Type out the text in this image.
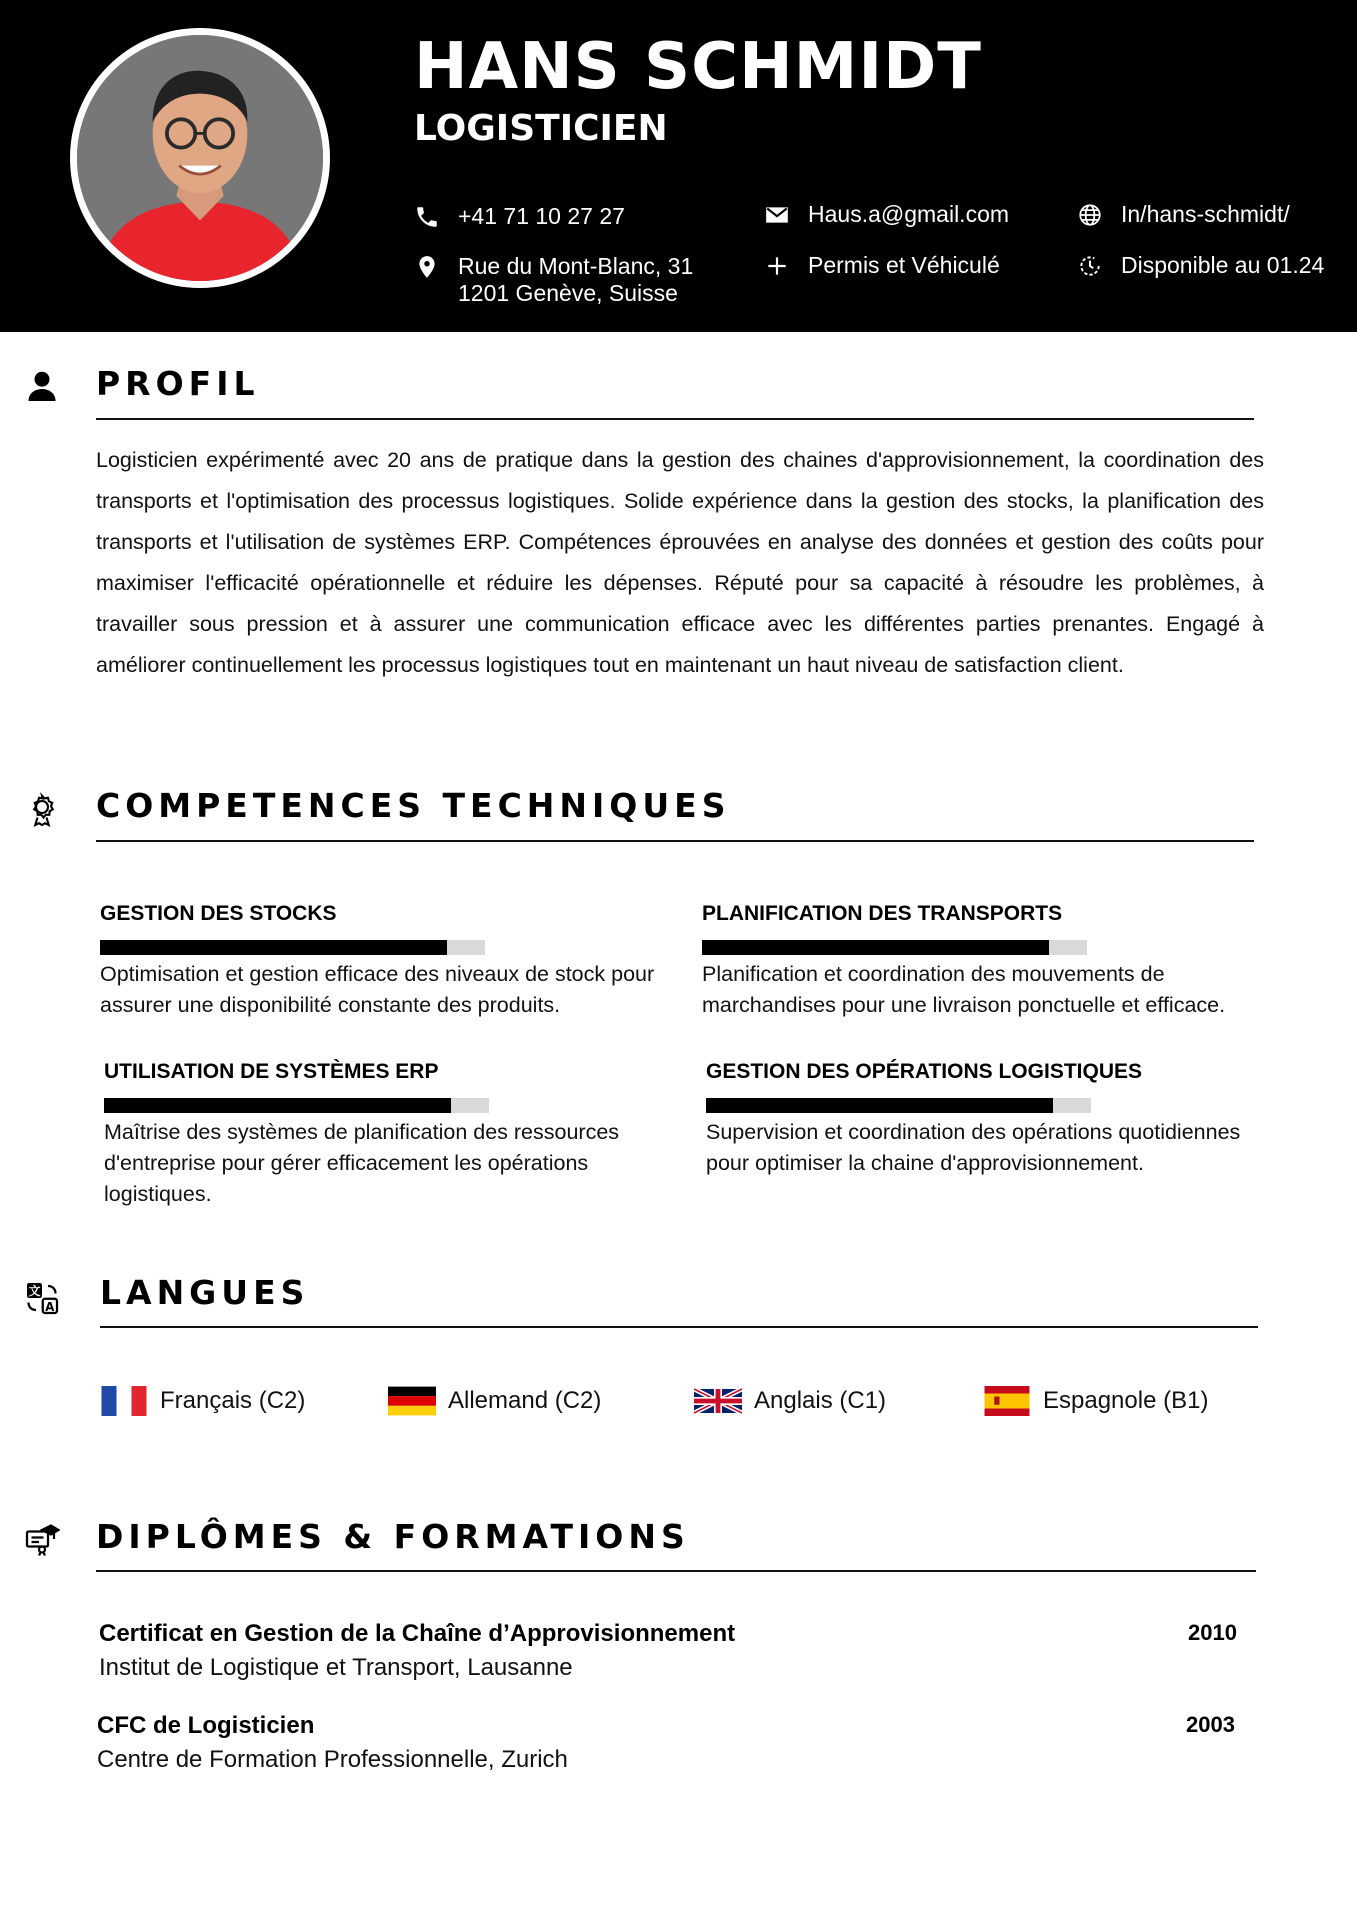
HANS SCHMIDT
LOGISTICIEN
+41 71 10 27 27
Rue du Mont-Blanc, 31
1201 Genève, Suisse
Haus.a@gmail.com
Permis et Véhiculé
In/hans-schmidt/
Disponible au 01.24
PROFIL

Logisticien expérimenté avec 20 ans de pratique dans la gestion des chaines d'approvisionnement, la coordination des transports et l'optimisation des processus logistiques. Solide expérience dans la gestion des stocks, la planification des transports et l'utilisation de systèmes ERP. Compétences éprouvées en analyse des données et gestion des coûts pour maximiser l'efficacité opérationnelle et réduire les dépenses. Réputé pour sa capacité à résoudre les problèmes, à travailler sous pression et à assurer une communication efficace avec les différentes parties prenantes. Engagé à améliorer continuellement les processus logistiques tout en maintenant un haut niveau de satisfaction client.

COMPETENCES TECHNIQUES
GESTION DES STOCKS
Optimisation et gestion efficace des niveaux de stock pour assurer une disponibilité constante des produits.
PLANIFICATION DES TRANSPORTS
Planification et coordination des mouvements de marchandises pour une livraison ponctuelle et efficace.
UTILISATION DE SYSTÈMES ERP
Maîtrise des systèmes de planification des ressources d'entreprise pour gérer efficacement les opérations logistiques.
GESTION DES OPÉRATIONS LOGISTIQUES
Supervision et coordination des opérations quotidiennes pour optimiser la chaine d'approvisionnement.
文
A LANGUES
Français (C2)	Allemand (C2)	Anglais (C1)	Espagnole (B1)
DIPLÔMES & FORMATIONS
Certificat en Gestion de la Chaîne d’Approvisionnement
Institut de Logistique et Transport, Lausanne
2010
CFC de Logisticien
Centre de Formation Professionnelle, Zurich
2003
